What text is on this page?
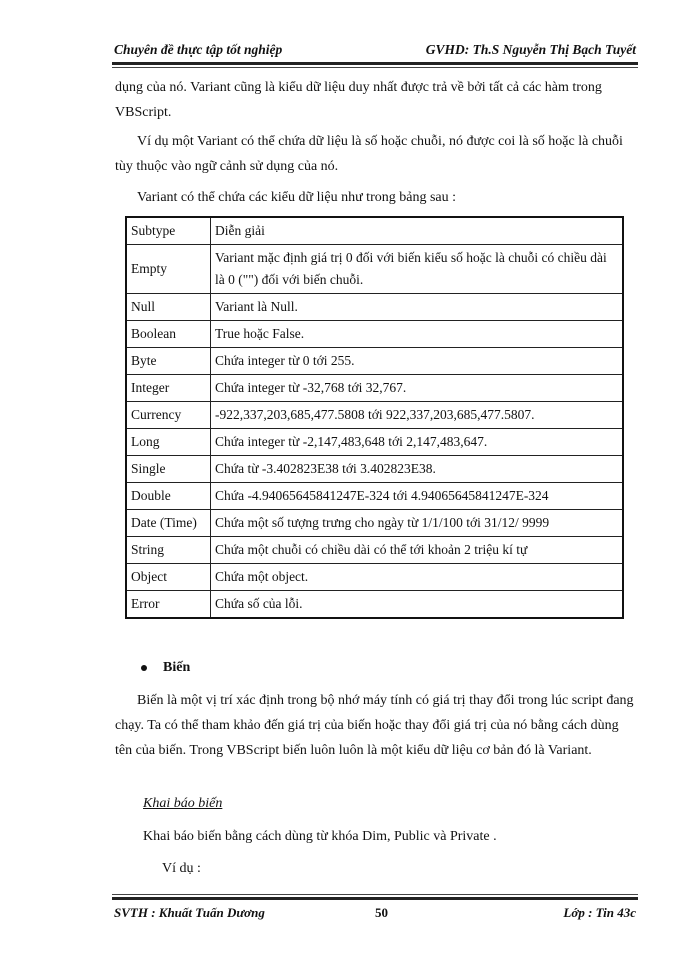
Chuyên đề thực tập tốt nghiệp	GVHD: Th.S Nguyễn Thị Bạch Tuyết

dụng của nó. Variant cũng là kiểu dữ liệu duy nhất được trả về bởi tất cả các hàm trong VBScript.

Ví dụ một Variant có thể chứa dữ liệu là số hoặc chuỗi, nó được coi là số hoặc là chuỗi tùy thuộc vào ngữ cảnh sử dụng của nó.

Variant có thể chứa các kiểu dữ liệu như trong bảng sau :

Subtype	Diễn giải
Empty	Variant mặc định giá trị 0 đối với biến kiểu số hoặc là chuỗi có chiều dài là 0 ("") đối với biến chuỗi.
Null	Variant là Null.
Boolean	True hoặc False.
Byte	Chứa integer từ 0 tới 255.
Integer	Chứa integer từ -32,768 tới 32,767.
Currency	-922,337,203,685,477.5808 tới 922,337,203,685,477.5807.
Long	Chứa integer từ -2,147,483,648 tới 2,147,483,647.
Single	Chứa từ -3.402823E38 tới 3.402823E38.
Double	Chứa -4.94065645841247E-324 tới 4.94065645841247E-324
Date (Time)	Chứa một số tượng trưng cho ngày từ 1/1/100 tới 31/12/ 9999
String	Chứa một chuỗi có chiều dài có thể tới khoản 2 triệu kí tự
Object	Chứa một object.
Error	Chứa số của lỗi.
Biến

Biến là một vị trí xác định trong bộ nhớ máy tính có giá trị thay đổi trong lúc script đang chạy. Ta có thể tham khảo đến giá trị của biến hoặc thay đổi giá trị của nó bằng cách dùng tên của biến. Trong VBScript biến luôn luôn là một kiểu dữ liệu cơ bản đó là Variant.

Khai báo biến

Khai báo biến bằng cách dùng từ khóa Dim, Public và Private .

Ví dụ :

SVTH : Khuất Tuấn Dương	50	Lớp : Tin 43c
